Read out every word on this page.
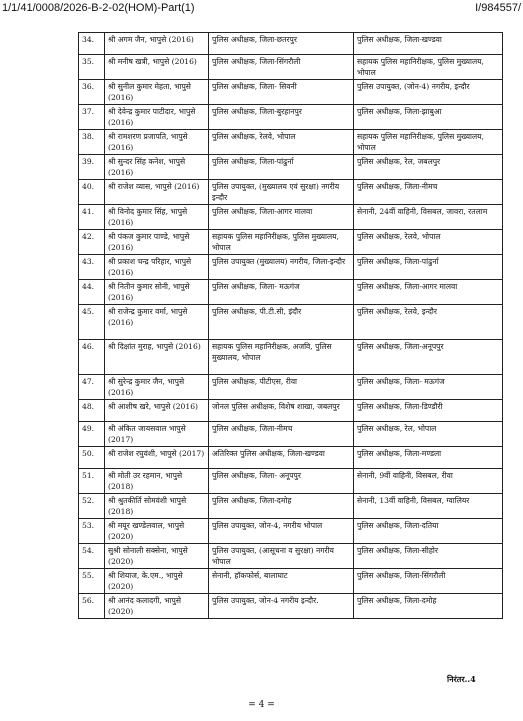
1/1/41/0008/2026-B-2-02(HOM)-Part(1)	I/984557/
34.	श्री अगम जैन, भापुसे (2016)	पुलिस अधीक्षक, जिला-छतरपुर	पुलिस अधीक्षक, जिला-खण्डवा
35.	श्री मनीष खत्री, भापुसे (2016)	पुलिस अधीक्षक, जिला-सिंगरौली	सहायक पुलिस महानिरीक्षक, पुलिस मुख्यालय, भोपाल
36.	श्री सुनील कुमार मेहता, भापुसे (2016)	पुलिस अधीक्षक, जिला- सिवनी	पुलिस उपायुक्त, (जोन-4) नगरीय, इन्दौर
37.	श्री देवेन्द्र कुमार पाटीदार, भापुसे (2016)	पुलिस अधीक्षक, जिला-बुरहानपुर	पुलिस अधीक्षक, जिला-झाबुआ
38.	श्री रामशरण प्रजापति, भापुसे (2016)	पुलिस अधीक्षक, रेलवे, भोपाल	सहायक पुलिस महानिरीक्षक, पुलिस मुख्यालय, भोपाल
39.	श्री सुन्दर सिंह कनेश, भापुसे (2016)	पुलिस अधीक्षक, जिला-पांढुर्ना	पुलिस अधीक्षक, रेल, जबलपुर
40.	श्री राजेश व्यास, भापुसे (2016)	पुलिस उपायुक्त, (मुख्यालय एवं सुरक्षा) नगरीय इन्दौर	पुलिस अधीक्षक, जिला-नीमच
41.	श्री विनोद कुमार सिंह, भापुसे (2016)	पुलिस अधीक्षक, जिला-आगर मालवा	सेनानी, 24वीं वाहिनी, विसबल, जावरा, रतलाम
42.	श्री पंकज कुमार पाण्डे, भापुसे (2016)	सहायक पुलिस महानिरीक्षक, पुलिस मुख्यालय, भोपाल	पुलिस अधीक्षक, रेलवे, भोपाल
43.	श्री प्रकाश चन्द्र परिहार, भापुसे (2016)	पुलिस उपायुक्त (मुख्यालय) नगरीय, जिला-इन्दौर	पुलिस अधीक्षक, जिला-पांढुर्ना
44.	श्री नितीन कुमार सोनी, भापुसे (2016)	पुलिस अधीक्षक, जिला- मऊगंज	पुलिस अधीक्षक, जिला-आगर मालवा
45.	श्री राजेन्द्र कुमार वर्मा, भापुसे (2016)	पुलिस अधीक्षक, पी.टी.सी, इंदौर	पुलिस अधीक्षक, रेलवे, इन्दौर
46.	श्री दिक्षांत मुराह, भापुसे (2016)	सहायक पुलिस महानिरीक्षक, अजवि, पुलिस मुख्यालय, भोपाल	पुलिस अधीक्षक, जिला-अनूपपुर
47.	श्री सुरेन्द्र कुमार जैन, भापुसे (2016)	पुलिस अधीक्षक, पीटीएस, रीवा	पुलिस अधीक्षक, जिला- मऊगंज
48.	श्री आशीष खरे, भापुसे (2016)	जोनल पुलिस अधीक्षक, विशेष शाखा, जबलपुर	पुलिस अधीक्षक, जिला-डिण्डौरी
49.	श्री अंकित जायसवाल भापुसे (2017)	पुलिस अधीक्षक, जिला-नीमच	पुलिस अधीक्षक, रेल, भोपाल
50.	श्री राजेश रघुवंशी, भापुसे (2017)	अतिरिक्त पुलिस अधीक्षक, जिला-खण्डवा	पुलिस अधीक्षक, जिला-मण्डला
51.	श्री मोती उर रहमान, भापुसे (2018)	पुलिस अधीक्षक, जिला- अनूपपुर	सेनानी, 9वीं वाहिनी, विसबल, रीवा
52.	श्री श्रुतकीर्ति सोमवंशी भापुसे (2018)	पुलिस अधीक्षक, जिला-दमोह	सेनानी, 13वीं वाहिनी, विसबल, ग्वालियर
53.	श्री मयूर खण्डेलवाल, भापुसे (2020)	पुलिस उपायुक्त, जोन-4, नगरीय भोपाल	पुलिस अधीक्षक, जिला-दतिया
54.	सुश्री सोनाली सक्सेना, भापुसे (2020)	पुलिस उपायुक्त, (आसूचना व सुरक्षा) नगरीय भोपाल	पुलिस अधीक्षक, जिला-सीहोर
55.	श्री शियाज, के.एम., भापुसे (2020)	सेनानी, हॉकफोर्स, बालाघाट	पुलिस अधीक्षक, जिला-सिंगरौली
56.	श्री आनंद कलादगी, भापुसे (2020)	पुलिस उपायुक्त, जोन-4 नगरीय इन्दौर.	पुलिस अधीक्षक, जिला-दमोह
निरंतर..4
= 4 =
